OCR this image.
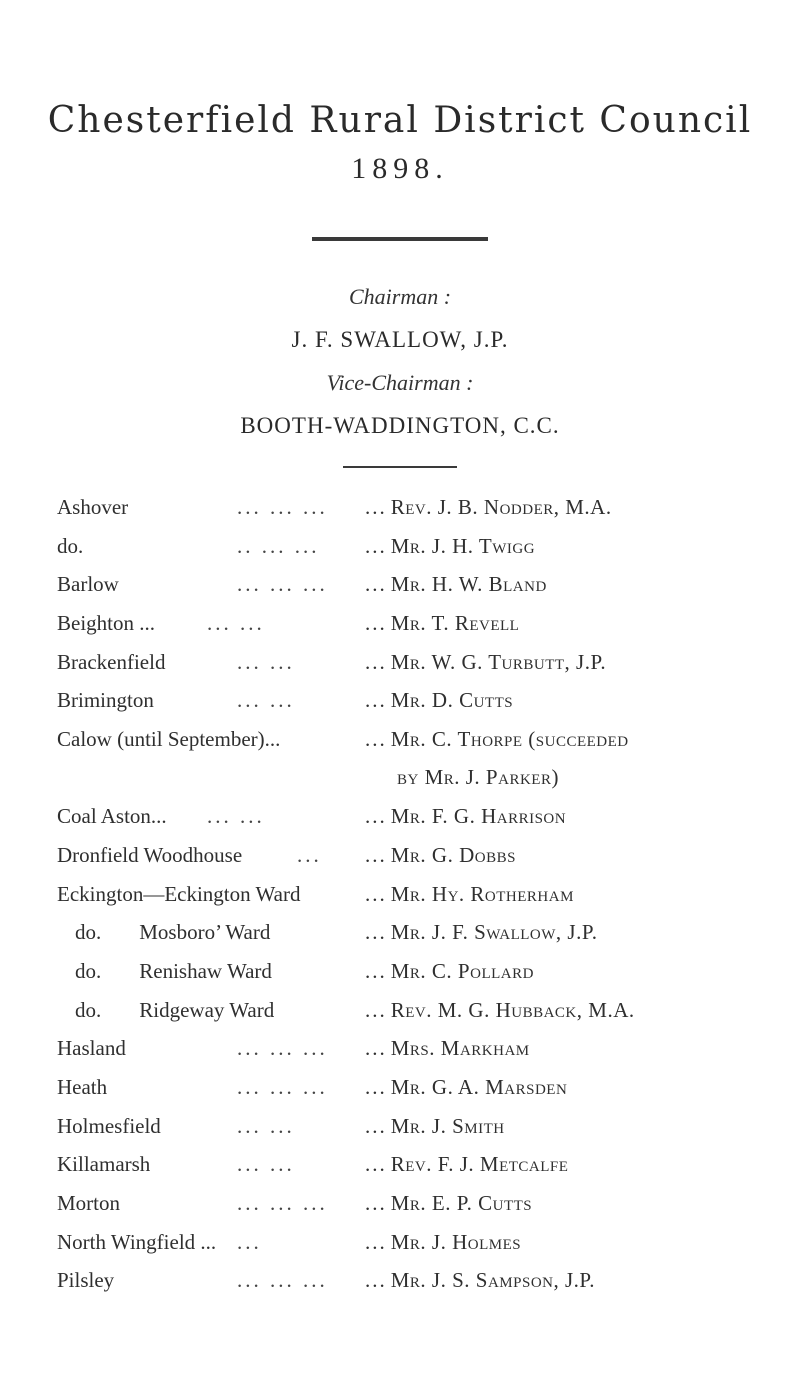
Chesterfield Rural District Council
1898.
Chairman :
J. F. SWALLOW, J.P.
Vice-Chairman :
BOOTH-WADDINGTON, C.C.
Ashover	... ... ... ... Rev. J. B. Nodder, M.A.
do.	.. ... ... ... Mr. J. H. Twigg
Barlow	... ... ... ... Mr. H. W. Bland
Beighton ... ... ...	... Mr. T. Revell
Brackenfield	... ...	... Mr. W. G. Turbutt, J.P.
Brimington	... ...	... Mr. D. Cutts
Calow (until September)...	... Mr. C. Thorpe (succeeded
by Mr. J. Parker)
Coal Aston... ... ...	... Mr. F. G. Harrison
Dronfield Woodhouse	... ... Mr. G. Dobbs
Eckington—Eckington Ward	... Mr. Hy. Rotherham
do. Mosboro’ Ward	... Mr. J. F. Swallow, J.P.
do. Renishaw Ward	... Mr. C. Pollard
do. Ridgeway Ward	... Rev. M. G. Hubback, M.A.
Hasland	... ... ... ... Mrs. Markham
Heath	... ... ... ... Mr. G. A. Marsden
Holmesfield	... ...	... Mr. J. Smith
Killamarsh	... ...	... Rev. F. J. Metcalfe
Morton	... ... ... ... Mr. E. P. Cutts
North Wingfield ... ...	... Mr. J. Holmes
Pilsley	... ... ... ... Mr. J. S. Sampson, J.P.
